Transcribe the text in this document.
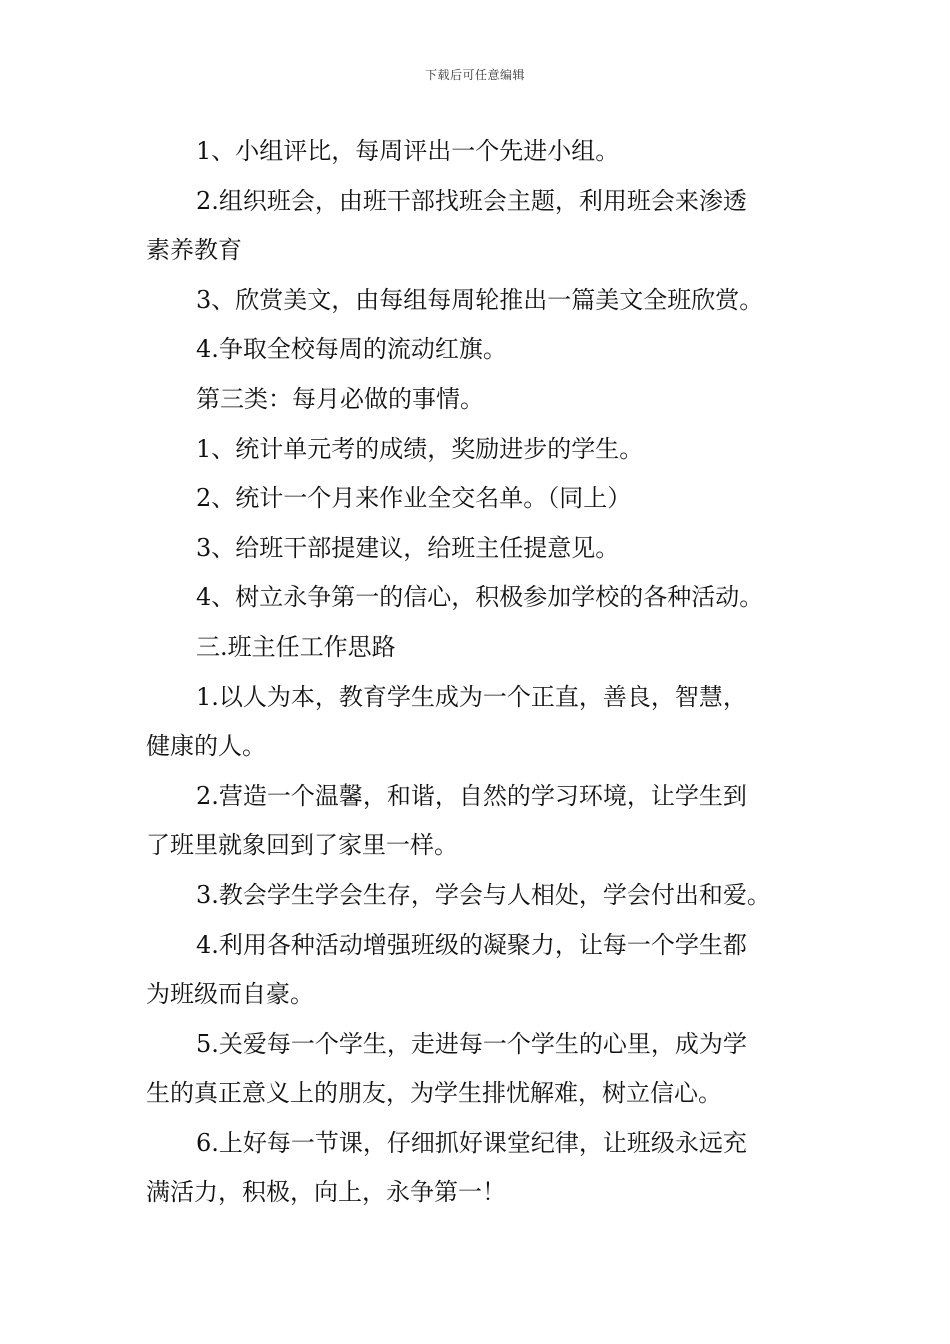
下载后可任意编辑

1、小组评比，每周评出一个先进小组。

2.组织班会，由班干部找班会主题，利用班会来渗透
素养教育

3、欣赏美文，由每组每周轮推出一篇美文全班欣赏。

4.争取全校每周的流动红旗。

第三类：每月必做的事情。

1、统计单元考的成绩，奖励进步的学生。

2、统计一个月来作业全交名单。（同上）

3、给班干部提建议，给班主任提意见。

4、树立永争第一的信心，积极参加学校的各种活动。

三.班主任工作思路

1.以人为本，教育学生成为一个正直，善良，智慧，
健康的人。

2.营造一个温馨，和谐，自然的学习环境，让学生到
了班里就象回到了家里一样。

3.教会学生学会生存，学会与人相处，学会付出和爱。

4.利用各种活动增强班级的凝聚力，让每一个学生都
为班级而自豪。

5.关爱每一个学生，走进每一个学生的心里，成为学
生的真正意义上的朋友，为学生排忧解难，树立信心。

6.上好每一节课，仔细抓好课堂纪律，让班级永远充
满活力，积极，向上，永争第一！
